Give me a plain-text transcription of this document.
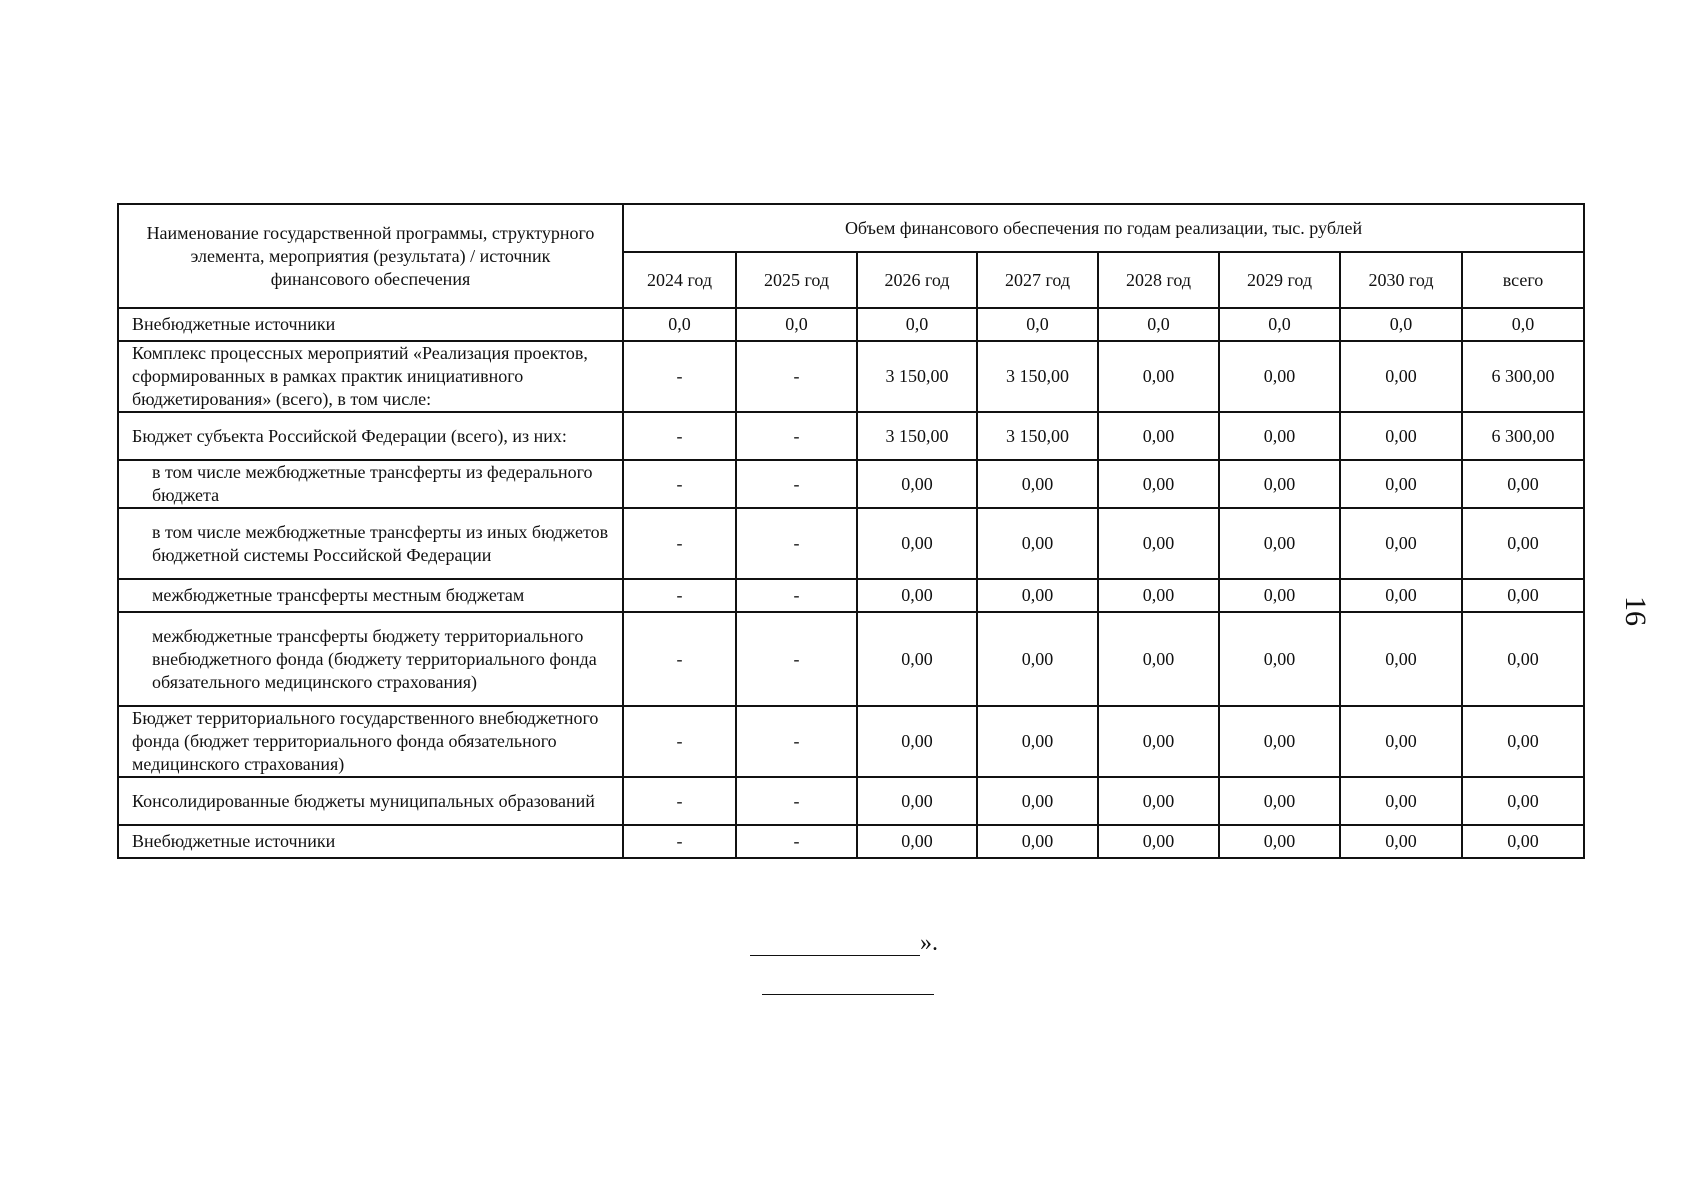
Наименование государственной программы, структурного элемента, мероприятия (результата) / источник финансового обеспечения	Объем финансового обеспечения по годам реализации, тыс. рублей							
	2024 год	2025 год	2026 год	2027 год	2028 год	2029 год	2030 год	всего
Внебюджетные источники	0,0	0,0	0,0	0,0	0,0	0,0	0,0	0,0
Комплекс процессных мероприятий «Реализация проектов, сформированных в рамках практик инициативного бюджетирования» (всего), в том числе:	-	-	3 150,00	3 150,00	0,00	0,00	0,00	6 300,00
Бюджет субъекта Российской Федерации (всего), из них:	-	-	3 150,00	3 150,00	0,00	0,00	0,00	6 300,00
в том числе межбюджетные трансферты из федерального бюджета	-	-	0,00	0,00	0,00	0,00	0,00	0,00
в том числе межбюджетные трансферты из иных бюджетов бюджетной системы Российской Федерации	-	-	0,00	0,00	0,00	0,00	0,00	0,00
межбюджетные трансферты местным бюджетам	-	-	0,00	0,00	0,00	0,00	0,00	0,00
межбюджетные трансферты бюджету территориального внебюджетного фонда (бюджету территориального фонда обязательного медицинского страхования)	-	-	0,00	0,00	0,00	0,00	0,00	0,00
Бюджет территориального государственного внебюджетного фонда (бюджет территориального фонда обязательного медицинского страхования)	-	-	0,00	0,00	0,00	0,00	0,00	0,00
Консолидированные бюджеты муниципальных образований	-	-	0,00	0,00	0,00	0,00	0,00	0,00
Внебюджетные источники	-	-	0,00	0,00	0,00	0,00	0,00	0,00
».
16
